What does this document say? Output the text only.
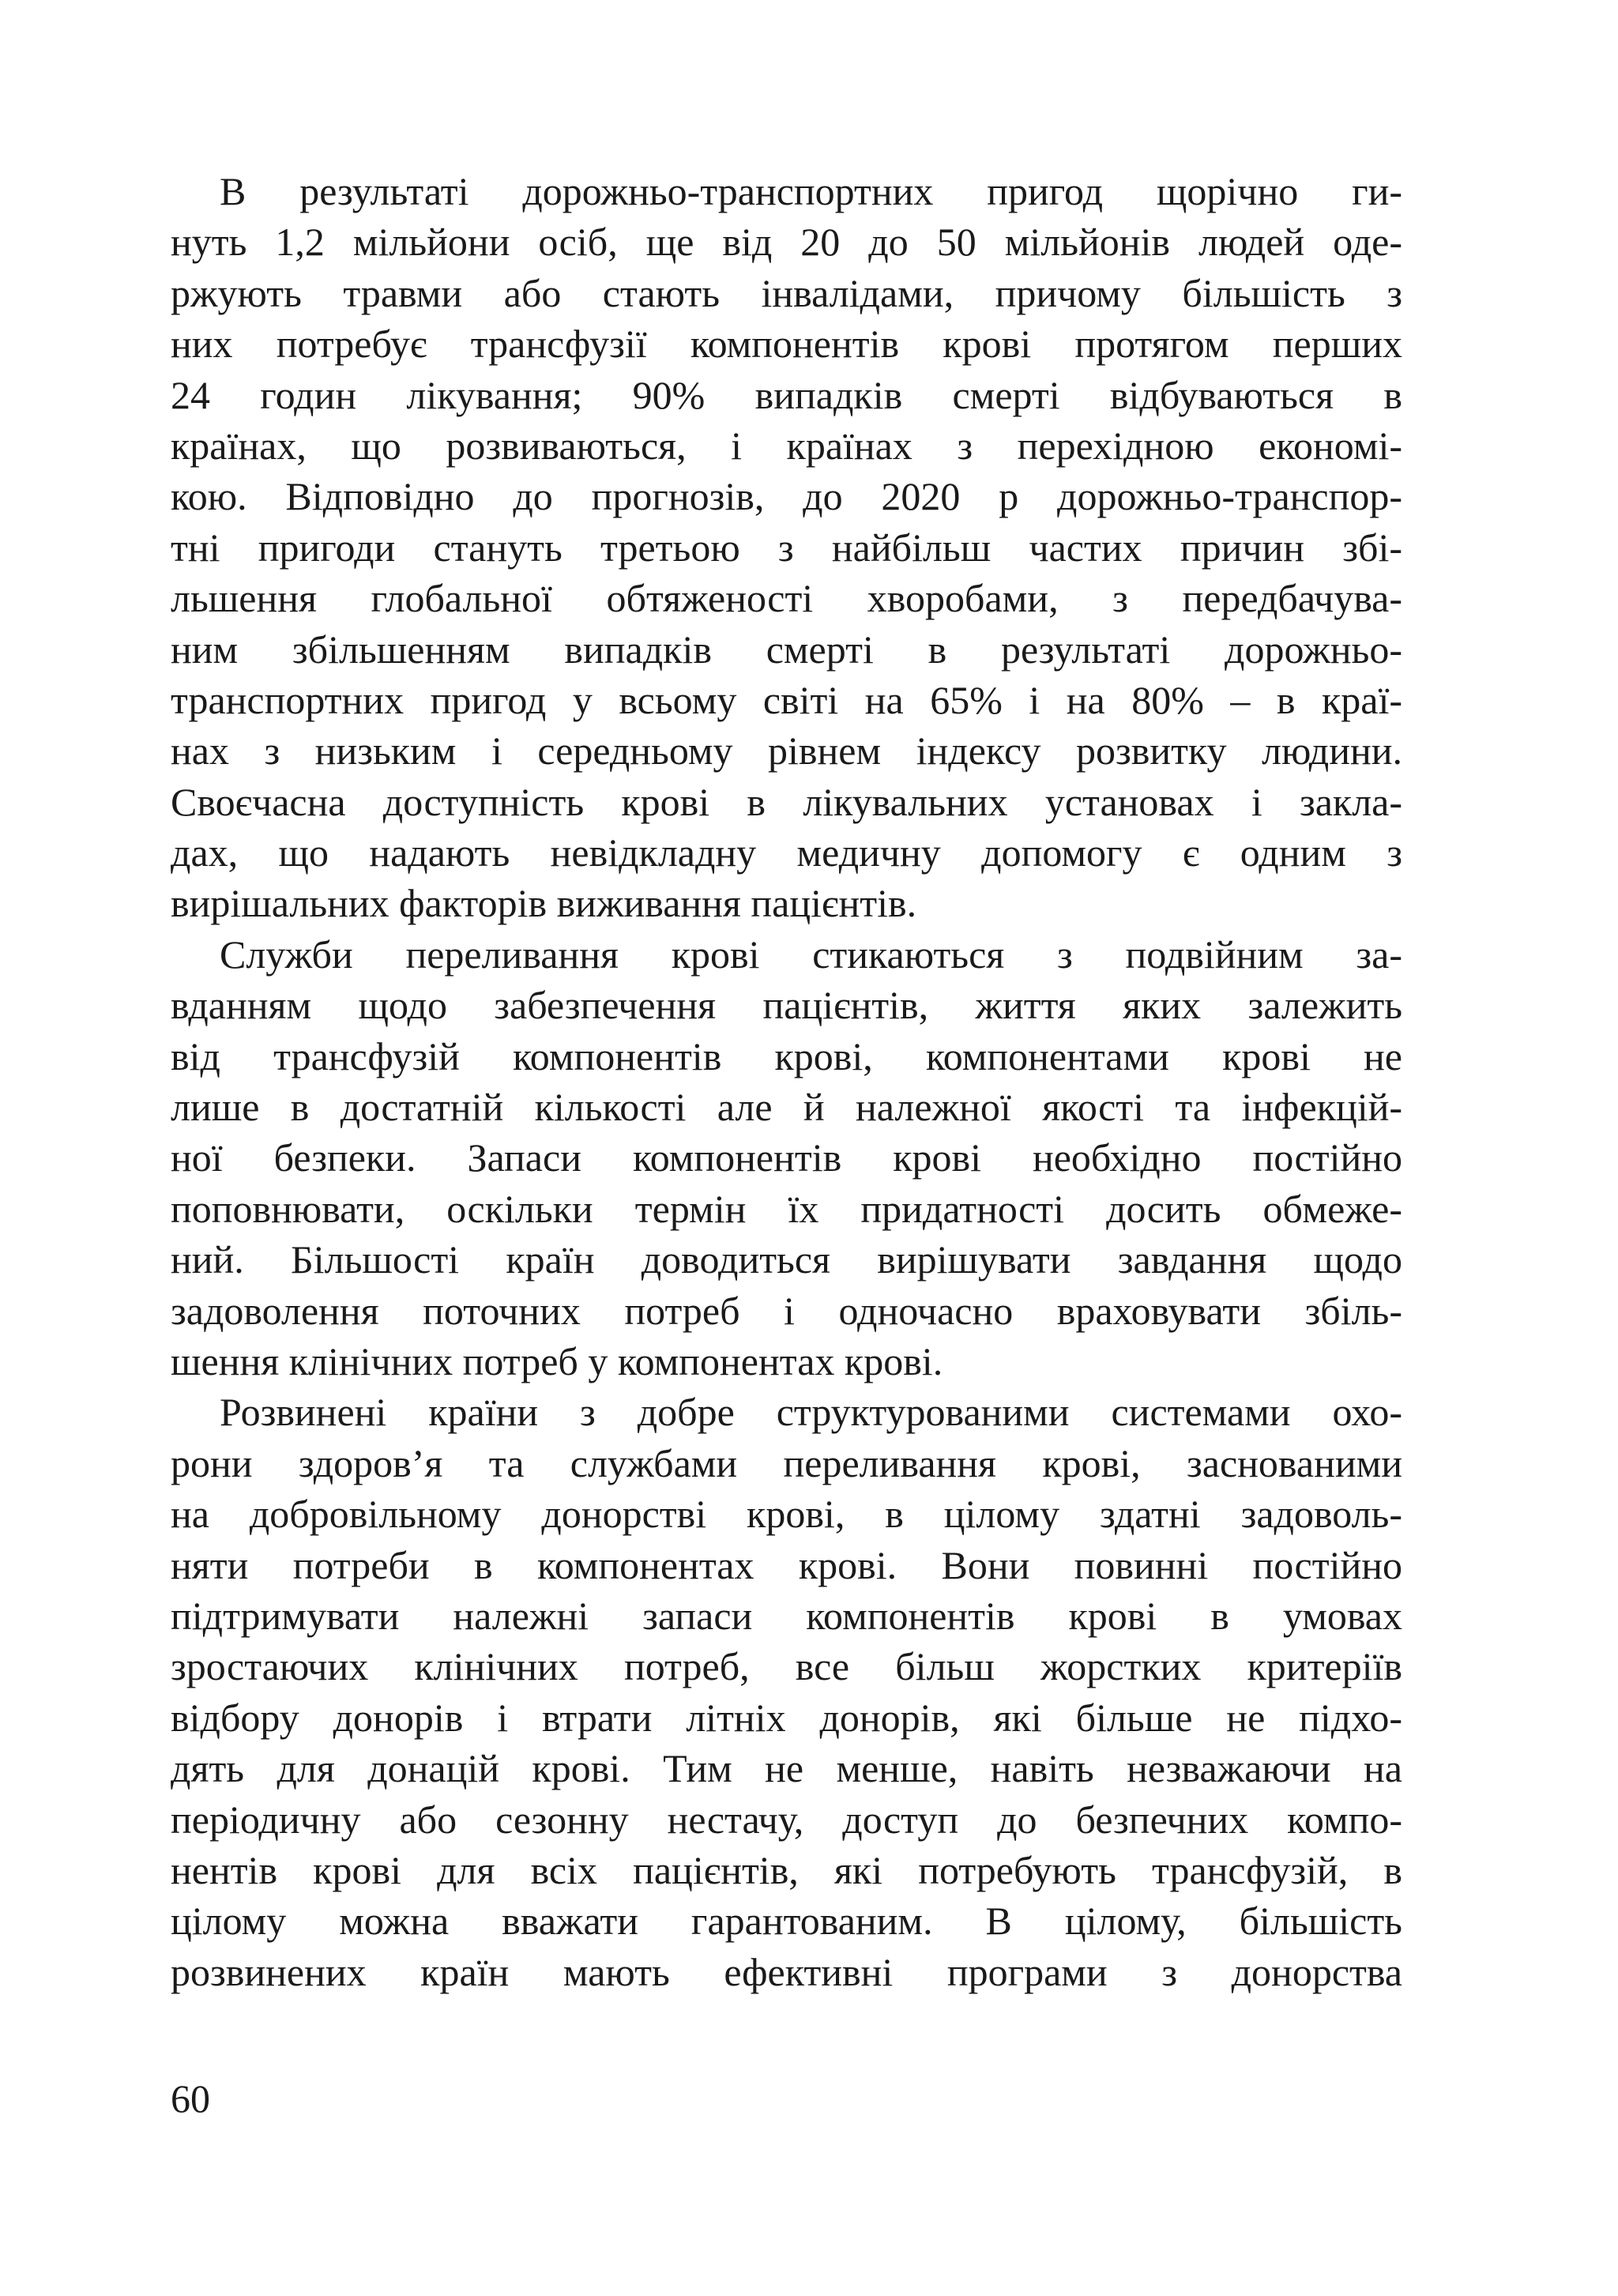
В результаті дорожньо-транспортних пригод щорічно ги-
нуть 1,2 мільйони осіб, ще від 20 до 50 мільйонів людей оде-
ржують травми або стають інвалідами, причому більшість з
них потребує трансфузії компонентів крові протягом перших
24 годин лікування; 90% випадків смерті відбуваються в
країнах, що розвиваються, і країнах з перехідною економі-
кою. Відповідно до прогнозів, до 2020 р дорожньо-транспор-
тні пригоди стануть третьою з найбільш частих причин збі-
льшення глобальної обтяженості хворобами, з передбачува-
ним збільшенням випадків смерті в результаті дорожньо-
транспортних пригод у всьому світі на 65% і на 80% – в краї-
нах з низьким і середньому рівнем індексу розвитку людини.
Своєчасна доступність крові в лікувальних установах і закла-
дах, що надають невідкладну медичну допомогу є одним з
вирішальних факторів виживання пацієнтів.
Служби переливання крові стикаються з подвійним за-
вданням щодо забезпечення пацієнтів, життя яких залежить
від трансфузій компонентів крові, компонентами крові не
лише в достатній кількості але й належної якості та інфекцій-
ної безпеки. Запаси компонентів крові необхідно постійно
поповнювати, оскільки термін їх придатності досить обмеже-
ний. Більшості країн доводиться вирішувати завдання щодо
задоволення поточних потреб і одночасно враховувати збіль-
шення клінічних потреб у компонентах крові.
Розвинені країни з добре структурованими системами охо-
рони здоров’я та службами переливання крові, заснованими
на добровільному донорстві крові, в цілому здатні задоволь-
няти потреби в компонентах крові. Вони повинні постійно
підтримувати належні запаси компонентів крові в умовах
зростаючих клінічних потреб, все більш жорстких критеріїв
відбору донорів і втрати літніх донорів, які більше не підхо-
дять для донацій крові. Тим не менше, навіть незважаючи на
періодичну або сезонну нестачу, доступ до безпечних компо-
нентів крові для всіх пацієнтів, які потребують трансфузій, в
цілому можна вважати гарантованим. В цілому, більшість
розвинених країн мають ефективні програми з донорства
60
